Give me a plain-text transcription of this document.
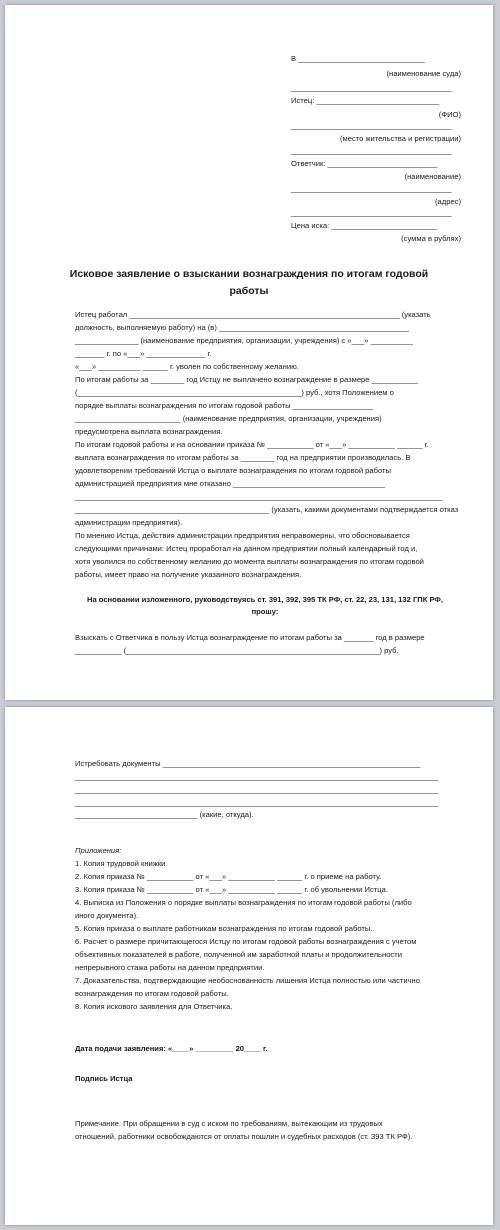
В ______________________________
(наименование суда)
______________________________________
Истец: _____________________________
(ФИО)
______________________________________
(место жительства и регистрации)
______________________________________
Ответчик: __________________________
(наименование)
______________________________________
(адрес)
______________________________________
Цена иска: _________________________
(сумма в рублях)
Исковое заявление о взыскании вознаграждения по итогам годовой работы
Истец работал ________________________________________________________________ (указать
должность, выполняемую работу) на (в) _____________________________________________
_______________ (наименование предприятия, организации, учреждения) с «___» __________
_______ г. по «___» ______________ г.
«___» __________ ______ г. уволен по собственному желанию.
По итогам работы за ________ год Истцу не выплачено вознаграждение в размере ___________
(_____________________________________________________) руб., хотя Положением о
порядке выплаты вознаграждения по итогам годовой работы ___________________
_________________________ (наименование предприятия, организации, учреждения)
предусмотрена выплата вознаграждения.
По итогам годовой работы и на основании приказа № ___________ от «___» ___________ ______ г.
выплата вознаграждения по итогам работы за ________ год на предприятии производилась. В
удовлетворении требований Истца о выплате вознаграждения по итогам годовой работы
администрацией предприятия мне отказано ____________________________________
_______________________________________________________________________________________
______________________________________________ (указать, какими документами подтверждается отказ
администрации предприятия).
По мнению Истца, действия администрации предприятия неправомерны, что обосновывается
следующими причинами: Истец проработал на данном предприятии полный календарный год и,
хотя уволился по собственному желанию до момента выплаты вознаграждения по итогам годовой
работы, имеет право на получение указанного вознаграждения.
На основании изложенного, руководствуясь ст. 391, 392, 395 ТК РФ, ст. 22, 23, 131, 132 ГПК РФ,
прошу:
Взыскать с Ответчика в пользу Истца вознаграждение по итогам работы за _______ год в размере
___________ (____________________________________________________________) руб.
Истребовать документы _____________________________________________________________
______________________________________________________________________________________
______________________________________________________________________________________
______________________________________________________________________________________
_____________________________ (какие, откуда).
Приложения:
1. Копия трудовой книжки.
2. Копия приказа № ___________ от «___» ___________ ______ г. о приеме на работу.
3. Копия приказа № ___________ от «___» ___________ ______ г. об увольнении Истца.
4. Выписка из Положения о порядке выплаты вознаграждения по итогам годовой работы (либо
иного документа).
5. Копия приказа о выплате работникам вознаграждения по итогам годовой работы.
6. Расчет о размере причитающегося Истцу по итогам годовой работы вознаграждения с учетом
объективных показателей в работе, полученной им заработной платы и продолжительности
непрерывного стажа работы на данном предприятии.
7. Доказательства, подтверждающие необоснованность лишения Истца полностью или частично
вознаграждения по итогам годовой работы.
8. Копия искового заявления для Ответчика.
Дата подачи заявления: «____» _________ 20____ г.
Подпись Истца
Примечание. При обращении в суд с иском по требованиям, вытекающим из трудовых
отношений, работники освобождаются от оплаты пошлин и судебных расходов (ст. 393 ТК РФ).
